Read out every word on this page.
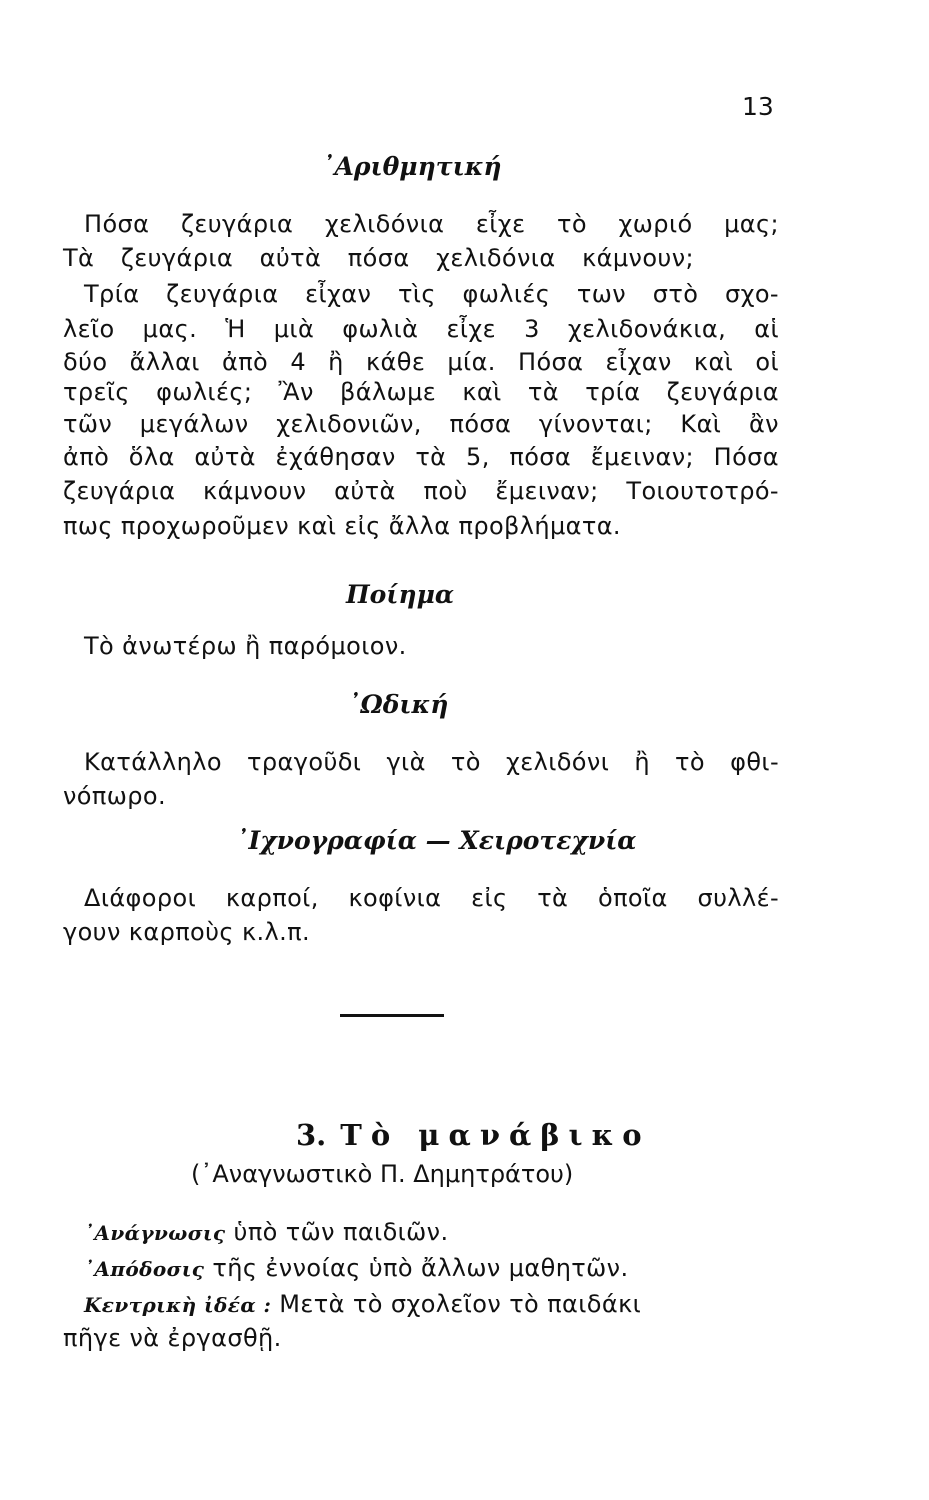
13
᾿Αριθμητική
Πόσα ζευγάρια χελιδόνια εἶχε τὸ χωριό μας;
Τὰ ζευγάρια αὐτὰ πόσα χελιδόνια κάμνουν;
Τρία ζευγάρια εἶχαν τὶς φωλιές των στὸ σχο-
λεῖο μας. Ἡ μιὰ φωλιὰ εἶχε 3 χελιδονάκια, αἱ
δύο ἄλλαι ἀπὸ 4 ἢ κάθε μία. Πόσα εἶχαν καὶ οἱ
τρεῖς φωλιές; Ἂν βάλωμε καὶ τὰ τρία ζευγάρια
τῶν μεγάλων χελιδονιῶν, πόσα γίνονται; Καὶ ἂν
ἀπὸ ὅλα αὐτὰ ἐχάθησαν τὰ 5, πόσα ἔμειναν; Πόσα
ζευγάρια κάμνουν αὐτὰ ποὺ ἔμειναν; Τοιουτοτρό-
πως προχωροῦμεν καὶ εἰς ἄλλα προβλήματα.
Ποίημα
Τὸ ἀνωτέρω ἢ παρόμοιον.
᾿Ωδική
Κατάλληλο τραγοῦδι γιὰ τὸ χελιδόνι ἢ τὸ φθι-
νόπωρο.
᾿Ιχνογραφία — Χειροτεχνία
Διάφοροι καρποί, κοφίνια εἰς τὰ ὁποῖα συλλέ-
γουν καρποὺς κ.λ.π.
3. Τὸ μανάβικο
(᾿Αναγνωστικὸ Π. Δημητράτου)
᾿Ανάγνωσις ὑπὸ τῶν παιδιῶν.
᾿Απόδοσις τῆς ἐννοίας ὑπὸ ἄλλων μαθητῶν.
Κεντρικὴ ἰδέα : Μετὰ τὸ σχολεῖον τὸ παιδάκι
πῆγε νὰ ἐργασθῇ.
